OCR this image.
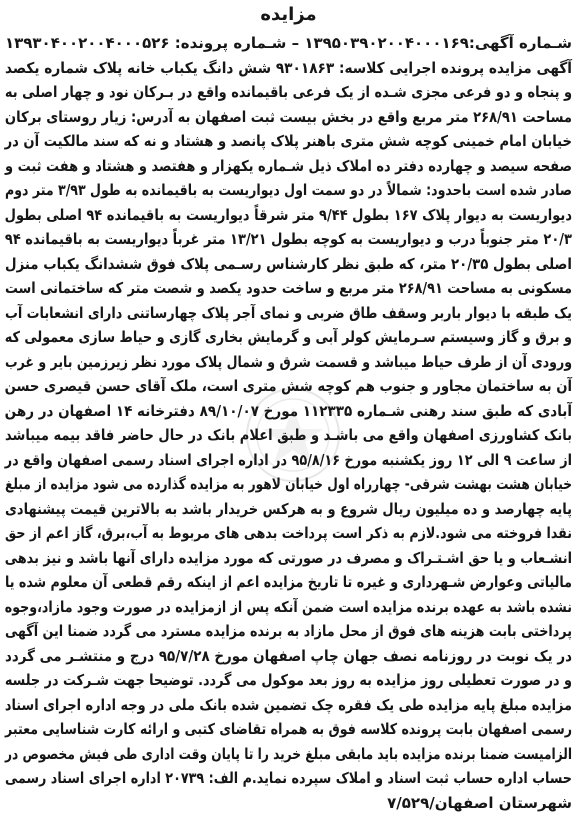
مزایده
شـماره آگهی:۱۳۹۵۰۳۹۰۲۰۰۴۰۰۰۱۶۹ – شـماره پرونده: ۱۳۹۳۰۴۰۰۲۰۰۴۰۰۰۵۲۶
آگهی مزایده پرونده اجرایی کلاسه: ۹۳۰۱۸۶۳ شش دانگ یکباب خانه پلاک شماره یکصد
و پنجاه و دو فرعی مجزی شـده از یک فرعی باقیمانده واقع در بـرکان نود و چهار اصلی به
مساحت ۲۶۸/۹۱ متر مربع واقع در بخش بیست ثبت اصفهان به آدرس: زیار روستای برکان
خیابان امام خمینی کوچه شش متری باهنر پلاک پانصد و هشتاد و نه که سند مالکیت آن در
صفحه سیصد و چهارده دفتر ده املاک ذیل شـماره یکهزار و هفتصد و هشتاد و هفت ثبت و
صادر شده است باحدود: شمالاً در دو سمت اول دیواریست به باقیمانده به طول ۳/۹۳ متر دوم
دیواریست به دیوار پلاک ۱۶۷ بطول ۹/۴۴ متر شرقاً دیواریست به باقیمانده ۹۴ اصلی بطول
۲۰/۳ متر جنوباً درب و دیواریست به کوچه بطول ۱۳/۲۱ متر غرباً دیواریست به باقیمانده ۹۴
اصلی بطول ۲۰/۳۵ متر، که طبق نظر کارشناس رسـمی پلاک فوق ششدانگ یکباب منزل
مسکونی به مساحت ۲۶۸/۹۱ متر مربع و ساخت حدود یکصد و شصت متر که ساختمانی است
یک طبقه با دیوار باربر وسقف طاق ضربی و نمای آجر پلاک چهارساتنی دارای انشعابات آب
و برق و گاز وسیستم سـرمایش کولر آبی و گرمایش بخاری گازی و حیاط سازی معمولی که
ورودی آن از طرف حیاط میباشد و قسمت شرق و شمال پلاک مورد نظر زیرزمین بایر و غرب
آن به ساختمان مجاور و جنوب هم کوچه شش متری است، ملک آقای حسن قیصری حسن
آبادی که طبق سند رهنی شـماره ۱۱۲۳۳۵ مورخ ۸۹/۱۰/۰۷ دفترخانه ۱۴ اصفهان در رهن
بانک کشاورزی اصفهان واقع می باشـد و طبق اعلام بانک در حال حاضر فاقد بیمه میباشد
از ساعت ۹ الی ۱۲ روز یکشنبه مورخ ۹۵/۸/۱۶ در اداره اجرای اسناد رسمی اصفهان واقع در
خیابان هشت بهشت شرقی- چهارراه اول خیابان لاهور به مزایده گذارده می شود مزایده از مبلغ
پایه چهارصد و ده میلیون ریال شروع و به هرکس خریدار باشد به بالاترین قیمت پیشنهادی
نقدا فروخته می شود.لازم به ذکر است پرداخت بدهی های مربوط به آب،برق، گاز اعم از حق
انشـعاب و یا حق اشـتـراک و مصرف در صورتی که مورد مزایده دارای آنها باشد و نیز بدهی
مالیاتی وعوارض شـهرداری و غیره تا تاریخ مزایده اعم از اینکه رقم قطعی آن معلوم شده یا
نشده باشد به عهده برنده مزایده است ضمن آنکه پس از ازمزایده در صورت وجود مازاد،وجوه
پرداختی بابت هزینه های فوق از محل مازاد به برنده مزایده مسترد می گردد ضمنا این آگهی
در یک نوبت در روزنامه نصف جهان چاپ اصفهان مورخ ۹۵/۷/۲۸ درج و منتشـر می گردد
و در صورت تعطیلی روز مزایده به روز بعد موکول می گردد. توضیحا جهت شـرکت در جلسه
مزایده مبلغ پایه مزایده طی یک فقره چک تضمین شده بانک ملی در وجه اداره اجرای اسناد
رسمی اصفهان بابت پرونده کلاسه فوق به همراه تقاضای کتبی و ارائه کارت شناسایی معتبر
الزامیست ضمنا برنده مزایده باید مابقی مبلغ خرید را تا پایان وقت اداری طی فیش مخصوص در
حساب اداره حساب ثبت اسناد و املاک سپرده نماید.م الف: ۲۰۷۳۹ اداره اجرای اسناد رسمی
شهرستان اصفهان/۷/۵۲۹
